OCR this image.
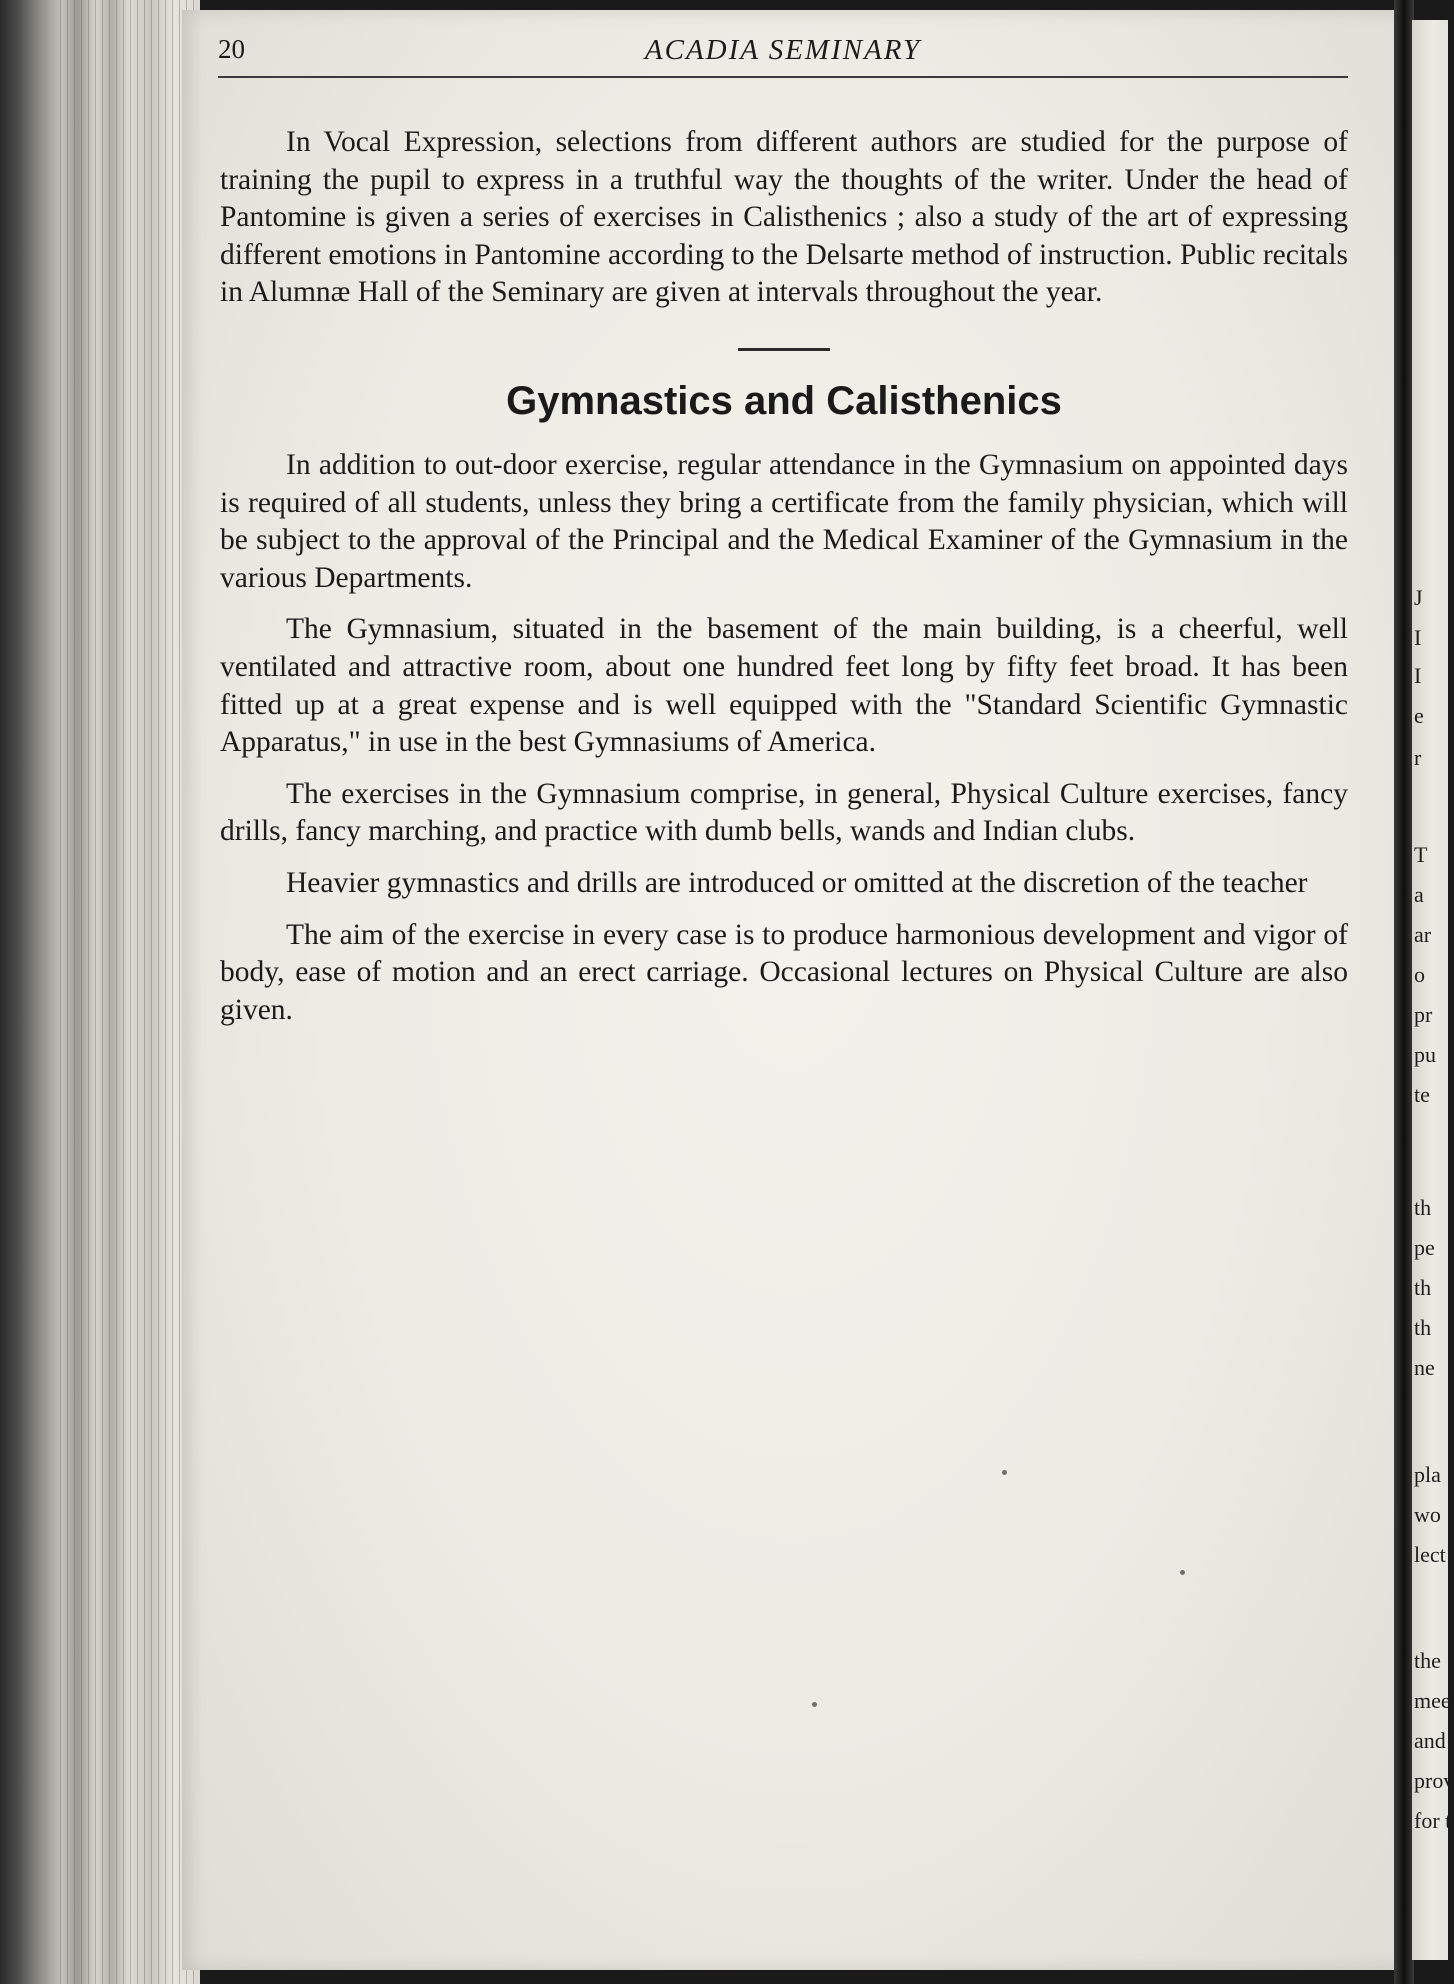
20	ACADIA SEMINARY

In Vocal Expression, selections from different authors are studied for the purpose of training the pupil to express in a truthful way the thoughts of the writer. Under the head of Pantomine is given a series of exercises in Calisthenics ; also a study of the art of expressing different emotions in Pantomine according to the Delsarte method of instruction. Public recitals in Alumnæ Hall of the Seminary are given at intervals throughout the year.

Gymnastics and Calisthenics

In addition to out-door exercise, regular attendance in the Gymnasium on appointed days is required of all students, unless they bring a certificate from the family physician, which will be subject to the approval of the Principal and the Medical Examiner of the Gymnasium in the various Departments.

The Gymnasium, situated in the basement of the main building, is a cheerful, well ventilated and attractive room, about one hundred feet long by fifty feet broad. It has been fitted up at a great expense and is well equipped with the "Standard Scientific Gymnastic Apparatus," in use in the best Gymnasiums of America.

The exercises in the Gymnasium comprise, in general, Physical Culture exercises, fancy drills, fancy marching, and practice with dumb bells, wands and Indian clubs.

Heavier gymnastics and drills are introduced or omitted at the discretion of the teacher

The aim of the exercise in every case is to produce harmonious development and vigor of body, ease of motion and an erect carriage. Occasional lectures on Physical Culture are also given.

J
I
I
e
r
T
a
ar
o
pr
pu
te
th
pe
th
th
ne
pla
wo
lect
the
mee
and
prov
for t
